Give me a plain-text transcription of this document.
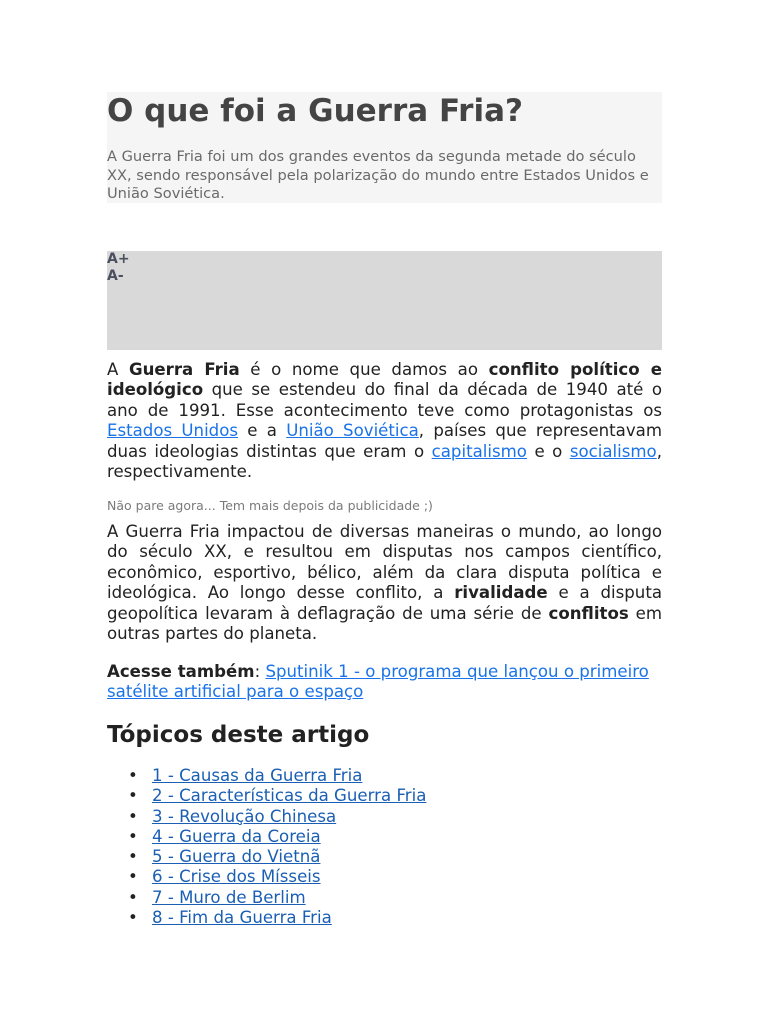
O que foi a Guerra Fria?

A Guerra Fria foi um dos grandes eventos da segunda metade do século XX, sendo responsável pela polarização do mundo entre Estados Unidos e União Soviética.

A+
A-

A Guerra Fria é o nome que damos ao conflito político e ideológico que se estendeu do final da década de 1940 até o ano de 1991. Esse acontecimento teve como protagonistas os Estados Unidos e a União Soviética, países que representavam duas ideologias distintas que eram o capitalismo e o socialismo, respectivamente.

Não pare agora... Tem mais depois da publicidade ;)

A Guerra Fria impactou de diversas maneiras o mundo, ao longo do século XX, e resultou em disputas nos campos científico, econômico, esportivo, bélico, além da clara disputa política e ideológica. Ao longo desse conflito, a rivalidade e a disputa geopolítica levaram à deflagração de uma série de conflitos em outras partes do planeta.

Acesse também: Sputinik 1 - o programa que lançou o primeiro satélite artificial para o espaço

Tópicos deste artigo
• 1 - Causas da Guerra Fria
• 2 - Características da Guerra Fria
• 3 - Revolução Chinesa
• 4 - Guerra da Coreia
• 5 - Guerra do Vietnã
• 6 - Crise dos Mísseis
• 7 - Muro de Berlim
• 8 - Fim da Guerra Fria
